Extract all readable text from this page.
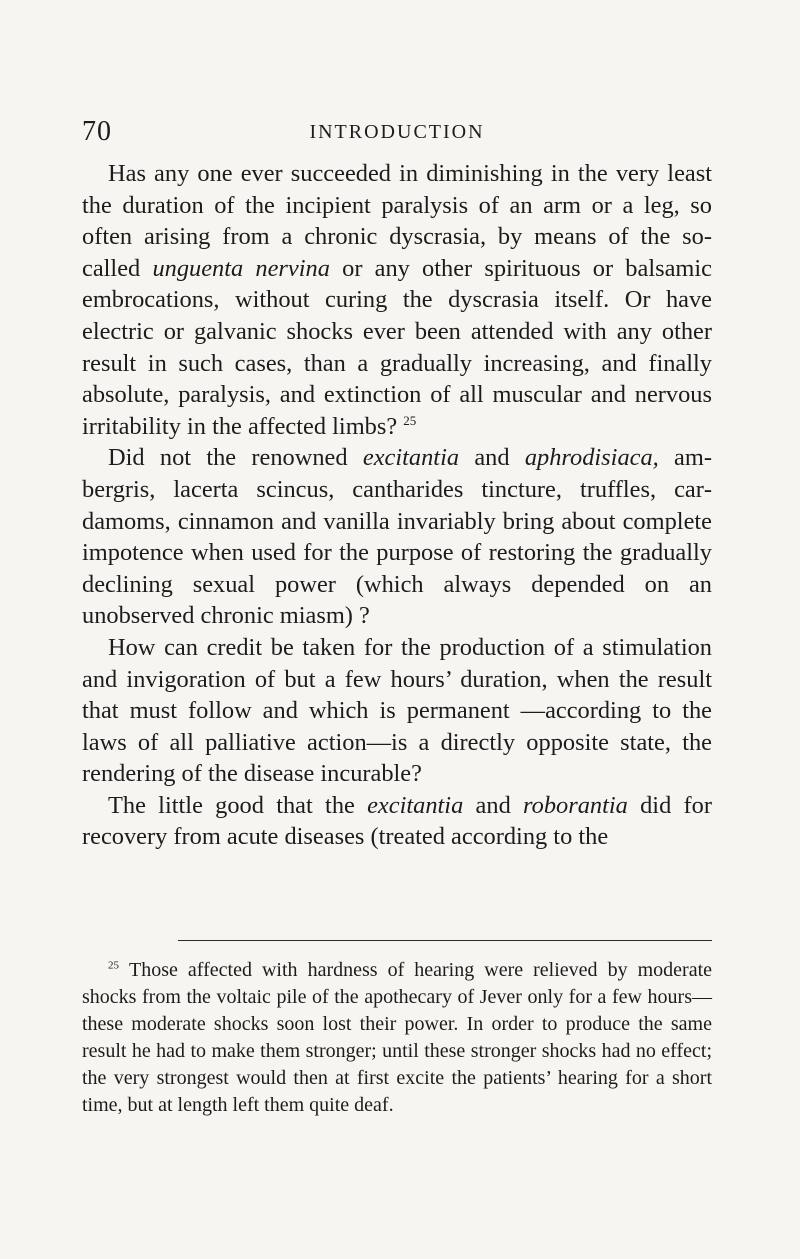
70	INTRODUCTION

Has any one ever succeeded in diminishing in the very least the duration of the incipient paralysis of an arm or a leg, so often arising from a chronic dyscrasia, by means of the so-called unguenta nervina or any other spirituous or balsamic embrocations, without curing the dyscrasia itself. Or have electric or galvanic shocks ever been attended with any other result in such cases, than a gradually increasing, and finally absolute, paralysis, and extinction of all muscular and nervous irritability in the affected limbs? $^{25}$

Did not the renowned excitantia and aphrodisiaca, ambergris, lacerta scincus, cantharides tincture, truffles, cardamoms, cinnamon and vanilla invariably bring about complete impotence when used for the purpose of restoring the gradually declining sexual power (which always depended on an unobserved chronic miasm) ?

How can credit be taken for the production of a stimulation and invigoration of but a few hours’ duration, when the result that must follow and which is permanent —according to the laws of all palliative action—is a directly opposite state, the rendering of the disease incurable?

The little good that the excitantia and roborantia did for recovery from acute diseases (treated according to the

$^{25}$ Those affected with hardness of hearing were relieved by moderate shocks from the voltaic pile of the apothecary of Jever only for a few hours—these moderate shocks soon lost their power. In order to produce the same result he had to make them stronger; until these stronger shocks had no effect; the very strongest would then at first excite the patients’ hearing for a short time, but at length left them quite deaf.
